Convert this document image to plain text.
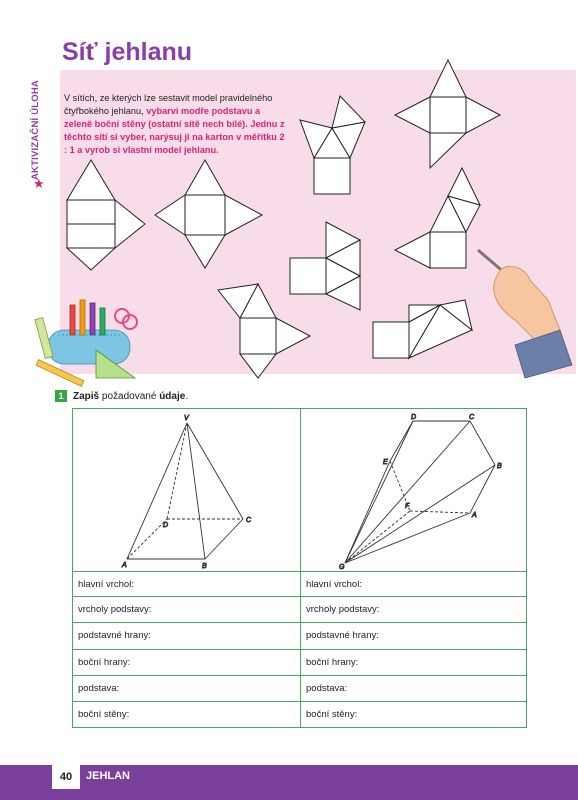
Síť jehlanu
AKTIVIZAČNÍ ÚLOHA
★
V sítích, ze kterých lze sestavit model pravidelného čtyřbokého jehlanu, vybarvi modře podstavu a zeleně boční stěny (ostatní sítě nech bílé). Jednu z těchto sítí si vyber, narýsuj ji na karton v měřítku 2 : 1 a vyrob si vlastní model jehlanu.
1 Zapiš požadované údaje.
V
A	B
C
D
D	C
B
A
E
F
G
hlavní vrchol:
vrcholy podstavy:
podstavné hrany:
boční hrany:
podstava:
boční stěny:
hlavní vrchol:
vrcholy podstavy:
podstavné hrany:
boční hrany:
podstava:
boční stěny:
40	JEHLAN
